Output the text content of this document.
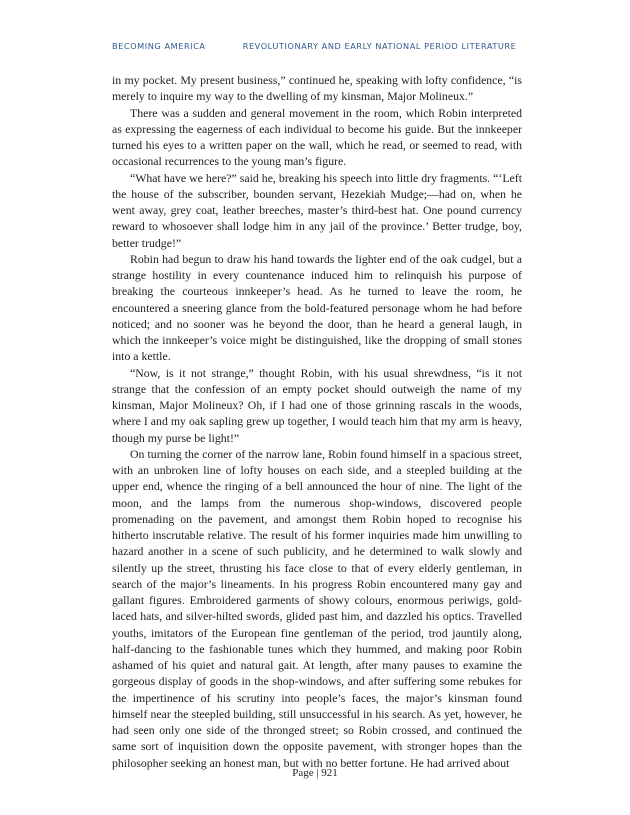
BECOMING AMERICA	REVOLUTIONARY AND EARLY NATIONAL PERIOD LITERATURE

in my pocket. My present business,” continued he, speaking with lofty confidence, “is merely to inquire my way to the dwelling of my kinsman, Major Molineux.”

There was a sudden and general movement in the room, which Robin interpreted as expressing the eagerness of each individual to become his guide. But the innkeeper turned his eyes to a written paper on the wall, which he read, or seemed to read, with occasional recurrences to the young man’s figure.

“What have we here?” said he, breaking his speech into little dry fragments. “‘Left the house of the subscriber, bounden servant, Hezekiah Mudge;—had on, when he went away, grey coat, leather breeches, master’s third-best hat. One pound currency reward to whosoever shall lodge him in any jail of the province.’ Better trudge, boy, better trudge!”

Robin had begun to draw his hand towards the lighter end of the oak cudgel, but a strange hostility in every countenance induced him to relinquish his purpose of breaking the courteous innkeeper’s head. As he turned to leave the room, he encountered a sneering glance from the bold-featured personage whom he had before noticed; and no sooner was he beyond the door, than he heard a general laugh, in which the innkeeper’s voice might be distinguished, like the dropping of small stones into a kettle.

“Now, is it not strange,” thought Robin, with his usual shrewdness, “is it not strange that the confession of an empty pocket should outweigh the name of my kinsman, Major Molineux? Oh, if I had one of those grinning rascals in the woods, where I and my oak sapling grew up together, I would teach him that my arm is heavy, though my purse be light!”

On turning the corner of the narrow lane, Robin found himself in a spacious street, with an unbroken line of lofty houses on each side, and a steepled building at the upper end, whence the ringing of a bell announced the hour of nine. The light of the moon, and the lamps from the numerous shop-windows, discovered people promenading on the pavement, and amongst them Robin hoped to recognise his hitherto inscrutable relative. The result of his former inquiries made him unwilling to hazard another in a scene of such publicity, and he determined to walk slowly and silently up the street, thrusting his face close to that of every elderly gentleman, in search of the major’s lineaments. In his progress Robin encountered many gay and gallant figures. Embroidered garments of showy colours, enormous periwigs, gold-laced hats, and silver-hilted swords, glided past him, and dazzled his optics. Travelled youths, imitators of the European fine gentleman of the period, trod jauntily along, half-dancing to the fashionable tunes which they hummed, and making poor Robin ashamed of his quiet and natural gait. At length, after many pauses to examine the gorgeous display of goods in the shop-windows, and after suffering some rebukes for the impertinence of his scrutiny into people’s faces, the major’s kinsman found himself near the steepled building, still unsuccessful in his search. As yet, however, he had seen only one side of the thronged street; so Robin crossed, and continued the same sort of inquisition down the opposite pavement, with stronger hopes than the philosopher seeking an honest man, but with no better fortune. He had arrived about

Page | 921
